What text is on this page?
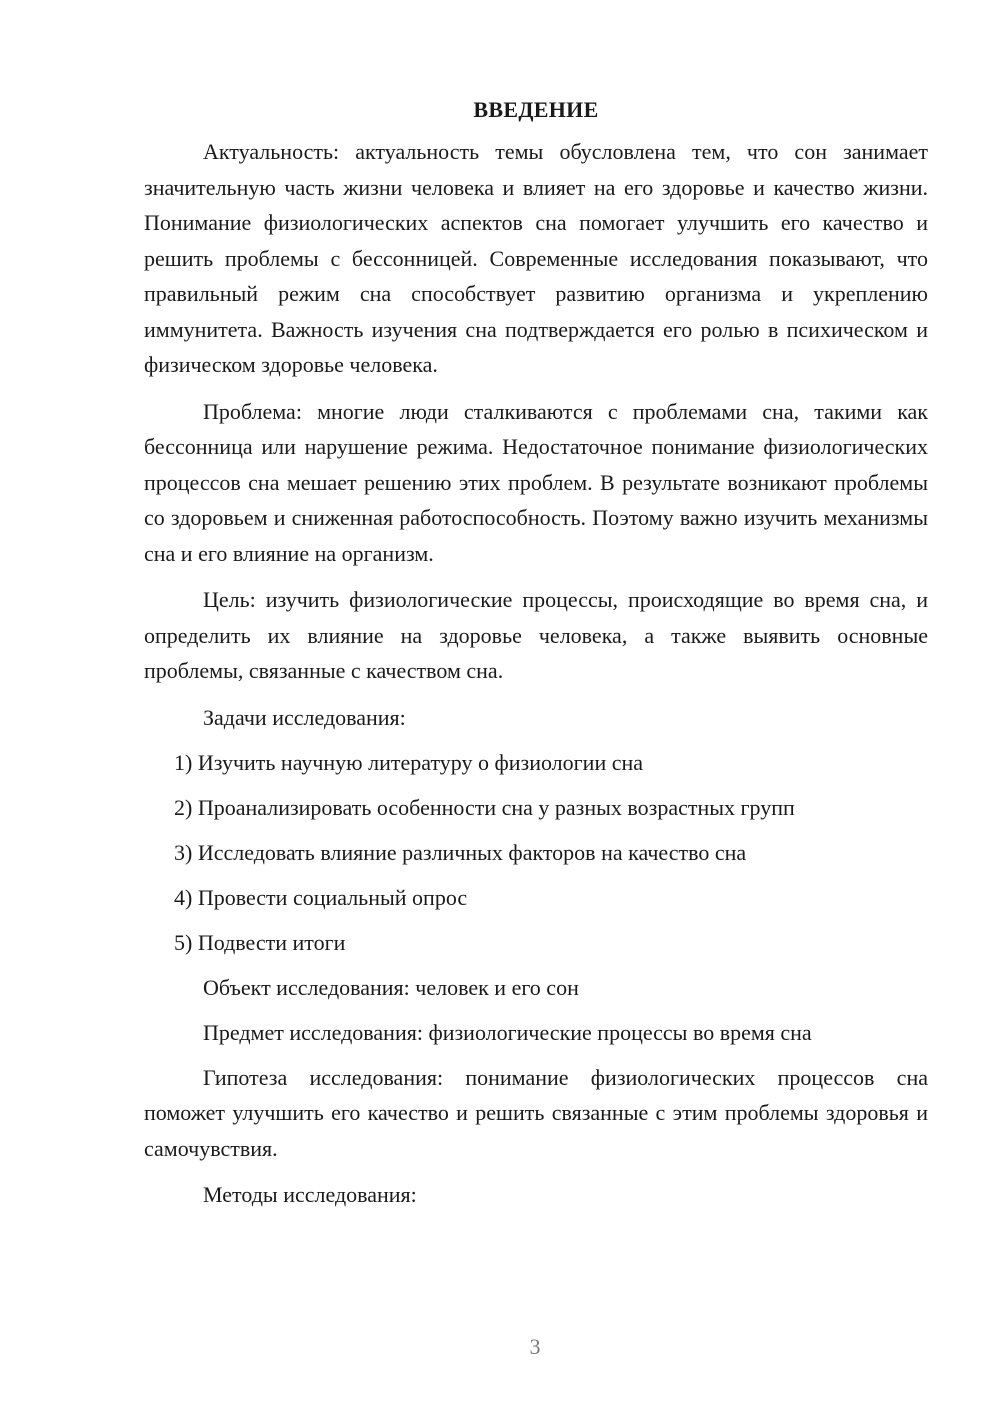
ВВЕДЕНИЕ

Актуальность: актуальность темы обусловлена тем, что сон занимает значительную часть жизни человека и влияет на его здоровье и качество жизни. Понимание физиологических аспектов сна помогает улучшить его качество и решить проблемы с бессонницей. Современные исследования показывают, что правильный режим сна способствует развитию организма и укреплению иммунитета. Важность изучения сна подтверждается его ролью в психическом и физическом здоровье человека.

Проблема: многие люди сталкиваются с проблемами сна, такими как бессонница или нарушение режима. Недостаточное понимание физиологических процессов сна мешает решению этих проблем. В результате возникают проблемы со здоровьем и сниженная работоспособность. Поэтому важно изучить механизмы сна и его влияние на организм.

Цель: изучить физиологические процессы, происходящие во время сна, и определить их влияние на здоровье человека, а также выявить основные проблемы, связанные с качеством сна.

Задачи исследования:

1) Изучить научную литературу о физиологии сна
2) Проанализировать особенности сна у разных возрастных групп
3) Исследовать влияние различных факторов на качество сна
4) Провести социальный опрос
5) Подвести итоги

Объект исследования: человек и его сон

Предмет исследования: физиологические процессы во время сна

Гипотеза исследования: понимание физиологических процессов сна поможет улучшить его качество и решить связанные с этим проблемы здоровья и самочувствия.

Методы исследования:

3
